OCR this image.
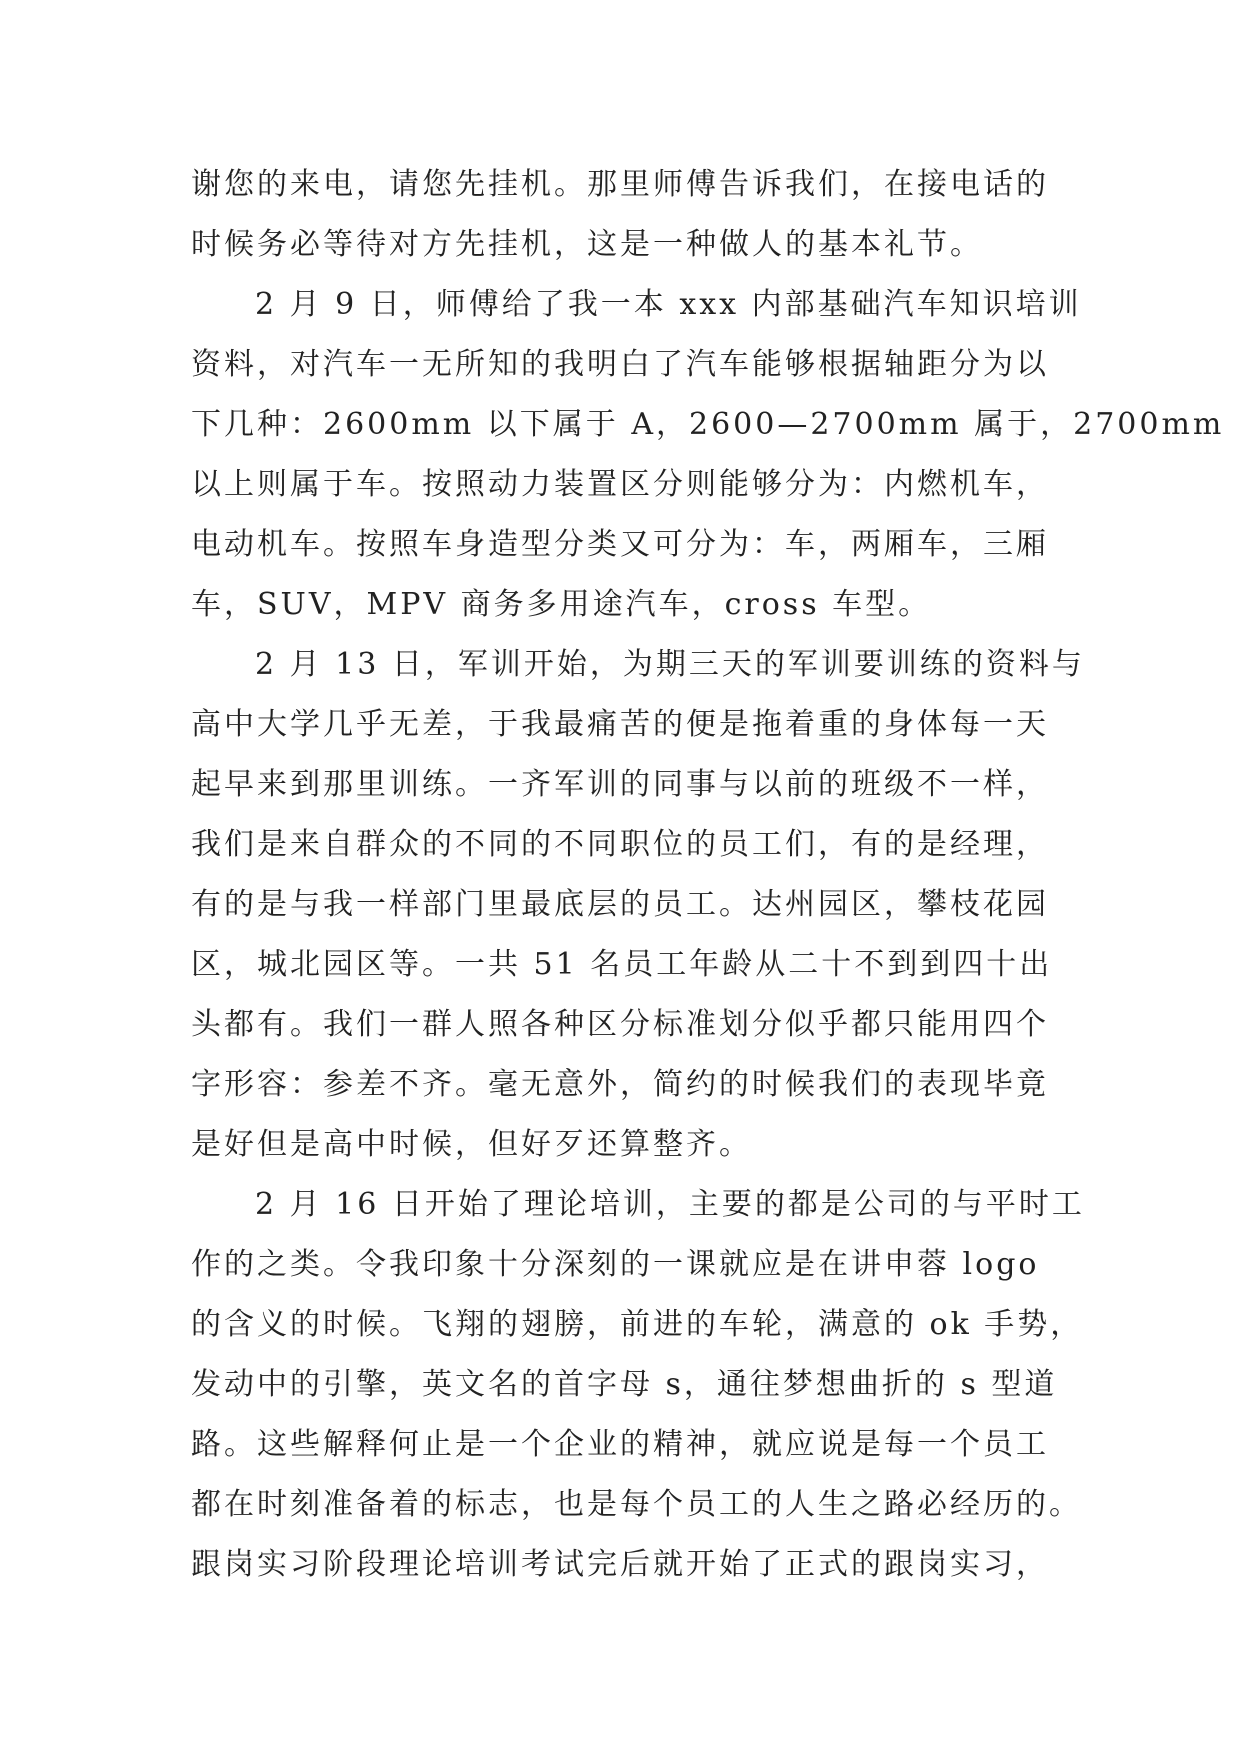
谢您的来电，请您先挂机。那里师傅告诉我们，在接电话的
时候务必等待对方先挂机，这是一种做人的基本礼节。
2 月 9 日，师傅给了我一本 xxx 内部基础汽车知识培训
资料，对汽车一无所知的我明白了汽车能够根据轴距分为以
下几种：2600mm 以下属于 A，2600—2700mm 属于，2700mm
以上则属于车。按照动力装置区分则能够分为：内燃机车，
电动机车。按照车身造型分类又可分为：车，两厢车，三厢
车，SUV，MPV 商务多用途汽车，cross 车型。
2 月 13 日，军训开始，为期三天的军训要训练的资料与
高中大学几乎无差，于我最痛苦的便是拖着重的身体每一天
起早来到那里训练。一齐军训的同事与以前的班级不一样，
我们是来自群众的不同的不同职位的员工们，有的是经理，
有的是与我一样部门里最底层的员工。达州园区，攀枝花园
区，城北园区等。一共 51 名员工年龄从二十不到到四十出
头都有。我们一群人照各种区分标准划分似乎都只能用四个
字形容：参差不齐。毫无意外，简约的时候我们的表现毕竟
是好但是高中时候，但好歹还算整齐。
2 月 16 日开始了理论培训，主要的都是公司的与平时工
作的之类。令我印象十分深刻的一课就应是在讲申蓉 logo
的含义的时候。飞翔的翅膀，前进的车轮，满意的 ok 手势，
发动中的引擎，英文名的首字母 s，通往梦想曲折的 s 型道
路。这些解释何止是一个企业的精神，就应说是每一个员工
都在时刻准备着的标志，也是每个员工的人生之路必经历的。
跟岗实习阶段理论培训考试完后就开始了正式的跟岗实习，
